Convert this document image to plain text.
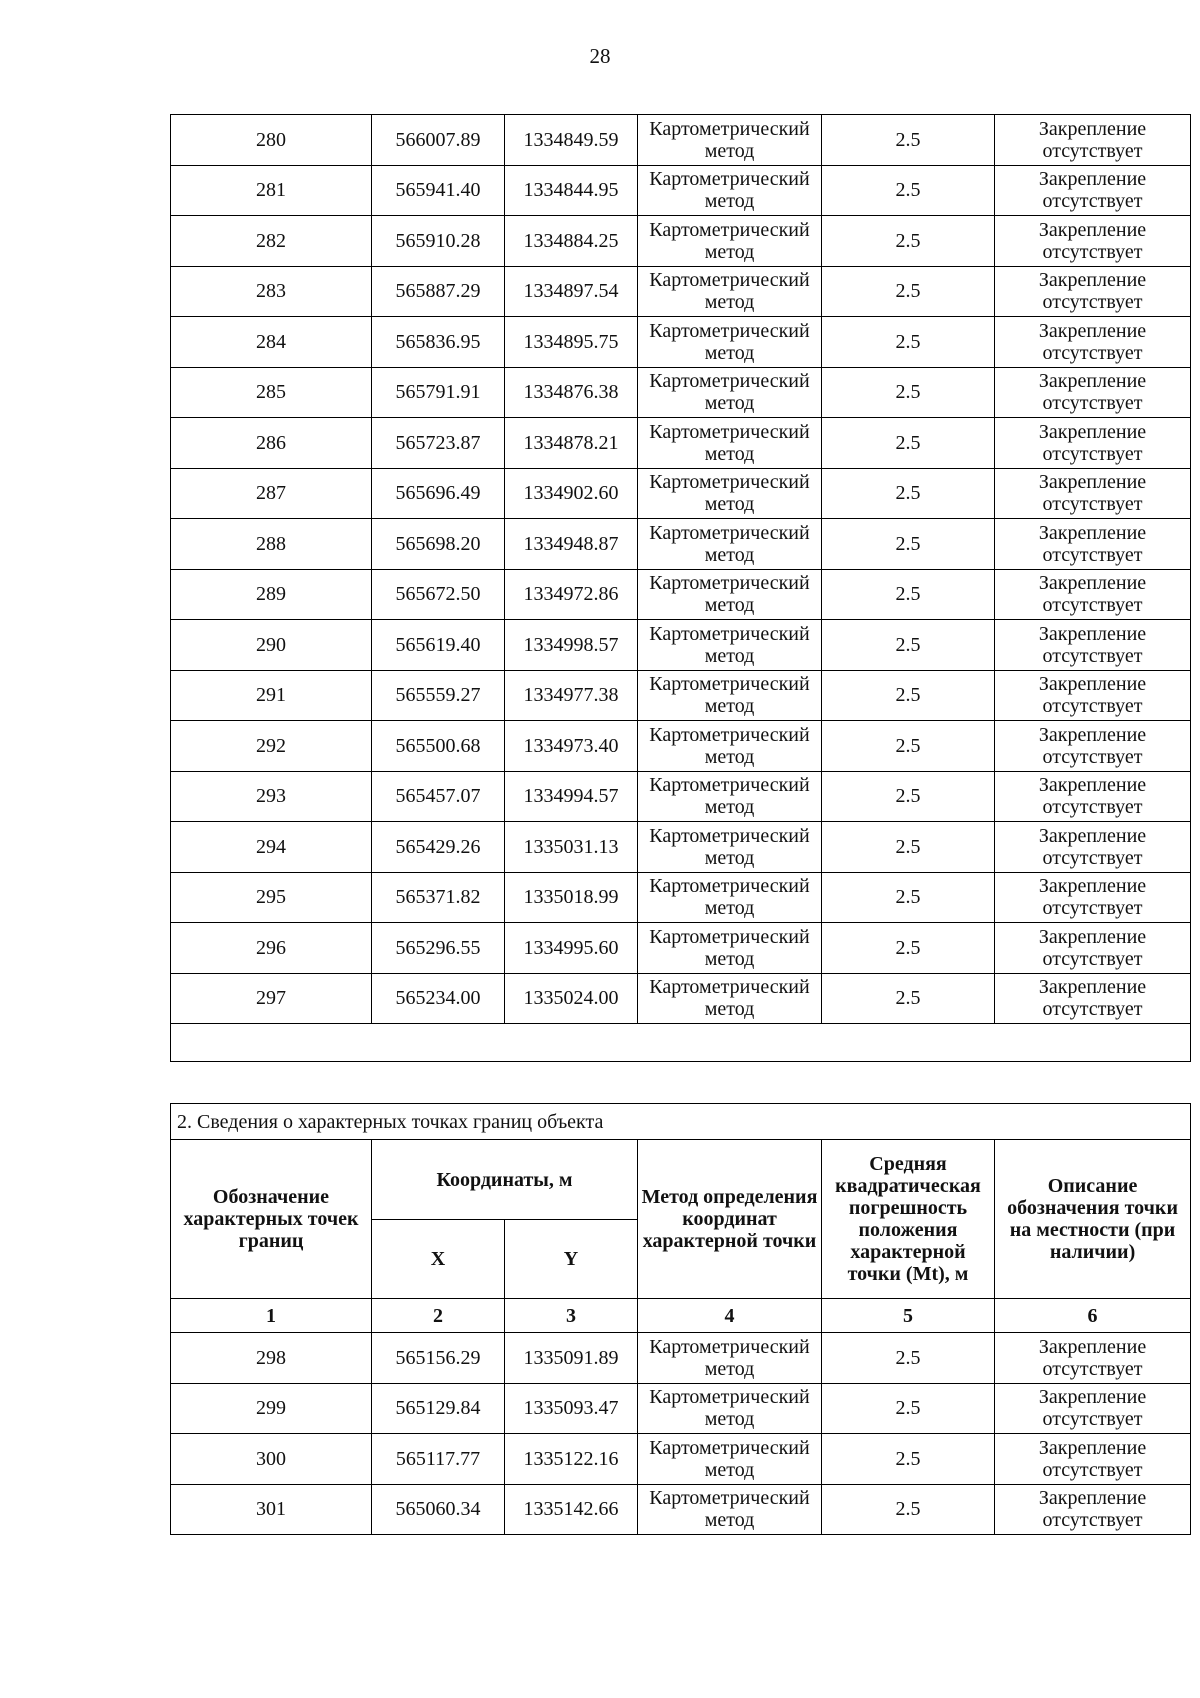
28
280	566007.89	1334849.59	Картометрический метод	2.5	Закрепление отсутствует
281	565941.40	1334844.95	Картометрический метод	2.5	Закрепление отсутствует
282	565910.28	1334884.25	Картометрический метод	2.5	Закрепление отсутствует
283	565887.29	1334897.54	Картометрический метод	2.5	Закрепление отсутствует
284	565836.95	1334895.75	Картометрический метод	2.5	Закрепление отсутствует
285	565791.91	1334876.38	Картометрический метод	2.5	Закрепление отсутствует
286	565723.87	1334878.21	Картометрический метод	2.5	Закрепление отсутствует
287	565696.49	1334902.60	Картометрический метод	2.5	Закрепление отсутствует
288	565698.20	1334948.87	Картометрический метод	2.5	Закрепление отсутствует
289	565672.50	1334972.86	Картометрический метод	2.5	Закрепление отсутствует
290	565619.40	1334998.57	Картометрический метод	2.5	Закрепление отсутствует
291	565559.27	1334977.38	Картометрический метод	2.5	Закрепление отсутствует
292	565500.68	1334973.40	Картометрический метод	2.5	Закрепление отсутствует
293	565457.07	1334994.57	Картометрический метод	2.5	Закрепление отсутствует
294	565429.26	1335031.13	Картометрический метод	2.5	Закрепление отсутствует
295	565371.82	1335018.99	Картометрический метод	2.5	Закрепление отсутствует
296	565296.55	1334995.60	Картометрический метод	2.5	Закрепление отсутствует
297	565234.00	1335024.00	Картометрический метод	2.5	Закрепление отсутствует

2. Сведения о характерных точках границ объекта					
Обозначение характерных точек границ	Координаты, м		Метод определения координат характерной точки	Средняя квадратическая погрешность положения характерной точки (Mt), м	Описание обозначения точки на местности (при наличии)
	X	Y			
1	2	3	4	5	6
298	565156.29	1335091.89	Картометрический метод	2.5	Закрепление отсутствует
299	565129.84	1335093.47	Картометрический метод	2.5	Закрепление отсутствует
300	565117.77	1335122.16	Картометрический метод	2.5	Закрепление отсутствует
301	565060.34	1335142.66	Картометрический метод	2.5	Закрепление отсутствует
